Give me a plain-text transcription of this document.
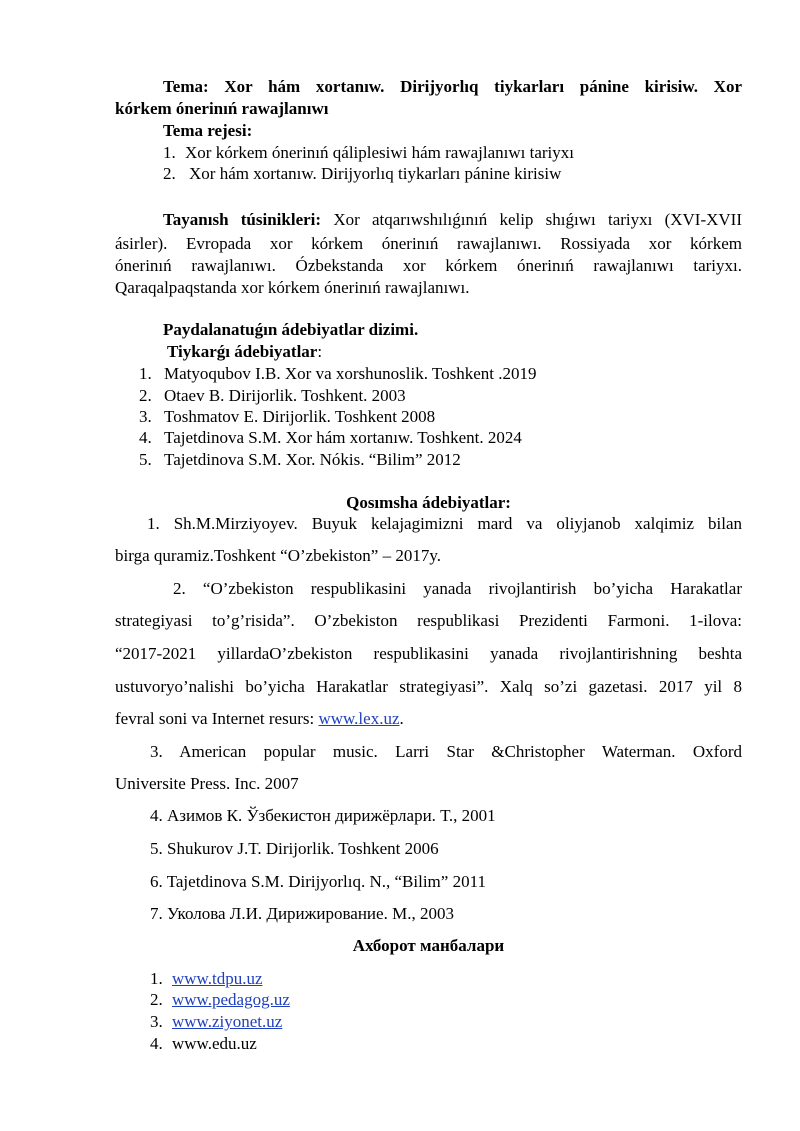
Tema: Xor hám xortanıw. Dirijyorlıq tiykarları pánine kirisiw. Xor
kórkem ónerinıń rawajlanıwı
Tema rejesi:
1. Xor kórkem ónerinıń qáliplesiwi hám rawajlanıwı tariyxı
2. Xor hám xortanıw. Dirijyorlıq tiykarları pánine kirisiw
Tayanısh túsinikleri: Xor atqarıwshılıǵınıń kelip shıǵıwı tariyxı (XVI-XVII
ásirler). Evropada xor kórkem ónerinıń rawajlanıwı. Rossiyada xor kórkem
ónerinıń rawajlanıwı. Ózbekstanda xor kórkem ónerinıń rawajlanıwı tariyxı.
Qaraqalpaqstanda xor kórkem ónerinıń rawajlanıwı.
Paydalanatuǵın ádebiyatlar dizimi.
Tiykarǵı ádebiyatlar:
1. Matyoqubov I.B. Xor va xorshunoslik. Toshkent .2019
2. Otaev B. Dirijorlik. Toshkent. 2003
3. Toshmatov E. Dirijorlik. Toshkent 2008
4. Tajetdinova S.M. Xor hám xortanıw. Toshkent. 2024
5. Tajetdinova S.M. Xor. Nókis. “Bilim” 2012
Qosımsha ádebiyatlar:
1. Sh.M.Mirziyoyev. Buyuk kelajagimizni mard va oliyjanob xalqimiz bilan
birga quramiz.Toshkent “O’zbekiston” – 2017y.
2. “O’zbekiston respublikasini yanada rivojlantirish bo’yicha Harakatlar
strategiyasi to’g’risida”. O’zbekiston respublikasi Prezidenti Farmoni. 1-ilova:
“2017-2021 yillardaO’zbekiston respublikasini yanada rivojlantirishning beshta
ustuvoryo’nalishi bo’yicha Harakatlar strategiyasi”. Xalq so’zi gazetasi. 2017 yil 8
fevral soni va Internet resurs: www.lex.uz.
3. American popular music. Larri Star &Christopher Waterman. Oxford
Universite Press. Inc. 2007
4. Азимов К. Ўзбекистон дирижёрлари. Т., 2001
5. Shukurov J.T. Dirijorlik. Toshkent 2006
6. Tajetdinova S.M. Dirijyorlıq. N., “Bilim” 2011
7. Уколова Л.И. Дирижирование. М., 2003
Ахборот манбалари
1. www.tdpu.uz
2. www.pedagog.uz
3. www.ziyonet.uz
4. www.edu.uz
